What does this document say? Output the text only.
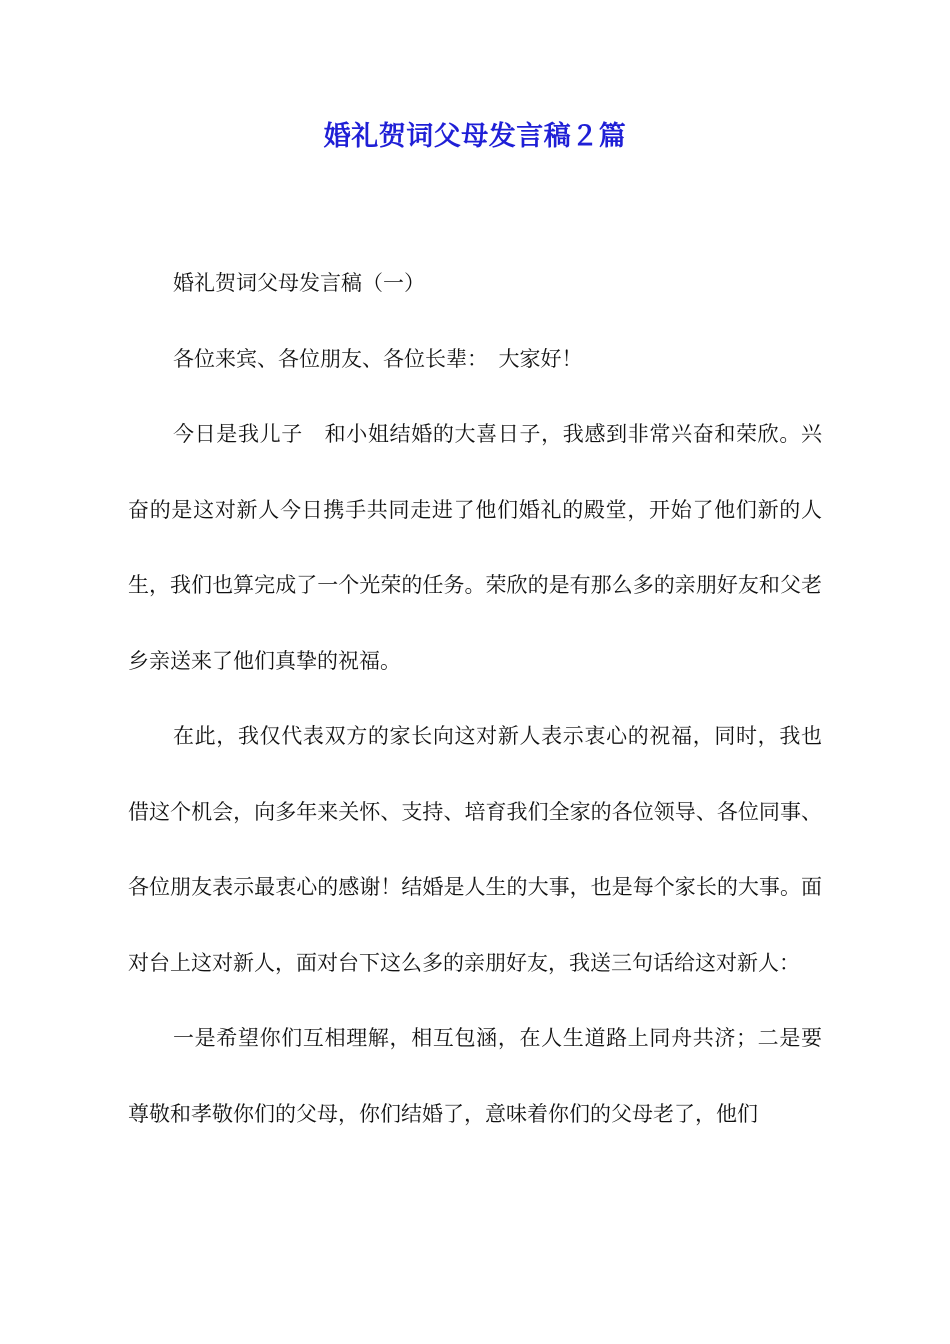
婚礼贺词父母发言稿２篇

婚礼贺词父母发言稿（一）

各位来宾、各位朋友、各位长辈：　大家好！

今日是我儿子　和小姐结婚的大喜日子，我感到非常兴奋和荣欣。兴奋的是这对新人今日携手共同走进了他们婚礼的殿堂，开始了他们新的人生，我们也算完成了一个光荣的任务。荣欣的是有那么多的亲朋好友和父老乡亲送来了他们真挚的祝福。

在此，我仅代表双方的家长向这对新人表示衷心的祝福，同时，我也借这个机会，向多年来关怀、支持、培育我们全家的各位领导、各位同事、各位朋友表示最衷心的感谢！结婚是人生的大事，也是每个家长的大事。面对台上这对新人，面对台下这么多的亲朋好友，我送三句话给这对新人：

一是希望你们互相理解，相互包涵，在人生道路上同舟共济；二是要尊敬和孝敬你们的父母，你们结婚了，意味着你们的父母老了，他们
